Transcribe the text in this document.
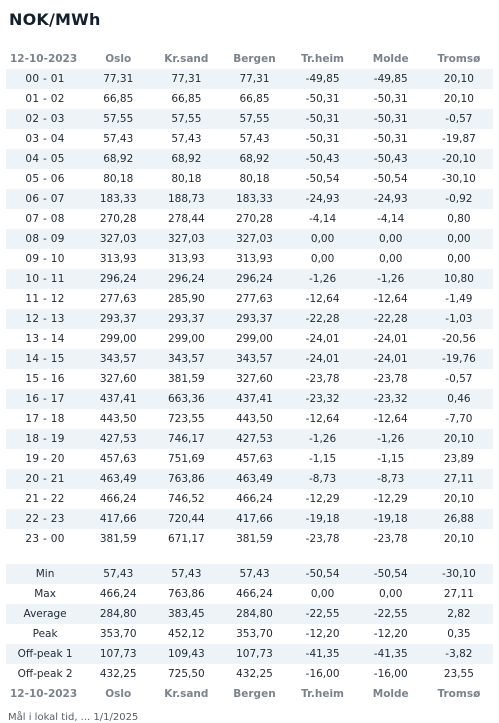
NOK/MWh
12-10-2023	Oslo	Kr.sand	Bergen	Tr.heim	Molde	Tromsø
00 - 01	77,31	77,31	77,31	-49,85	-49,85	20,10
01 - 02	66,85	66,85	66,85	-50,31	-50,31	20,10
02 - 03	57,55	57,55	57,55	-50,31	-50,31	-0,57
03 - 04	57,43	57,43	57,43	-50,31	-50,31	-19,87
04 - 05	68,92	68,92	68,92	-50,43	-50,43	-20,10
05 - 06	80,18	80,18	80,18	-50,54	-50,54	-30,10
06 - 07	183,33	188,73	183,33	-24,93	-24,93	-0,92
07 - 08	270,28	278,44	270,28	-4,14	-4,14	0,80
08 - 09	327,03	327,03	327,03	0,00	0,00	0,00
09 - 10	313,93	313,93	313,93	0,00	0,00	0,00
10 - 11	296,24	296,24	296,24	-1,26	-1,26	10,80
11 - 12	277,63	285,90	277,63	-12,64	-12,64	-1,49
12 - 13	293,37	293,37	293,37	-22,28	-22,28	-1,03
13 - 14	299,00	299,00	299,00	-24,01	-24,01	-20,56
14 - 15	343,57	343,57	343,57	-24,01	-24,01	-19,76
15 - 16	327,60	381,59	327,60	-23,78	-23,78	-0,57
16 - 17	437,41	663,36	437,41	-23,32	-23,32	0,46
17 - 18	443,50	723,55	443,50	-12,64	-12,64	-7,70
18 - 19	427,53	746,17	427,53	-1,26	-1,26	20,10
19 - 20	457,63	751,69	457,63	-1,15	-1,15	23,89
20 - 21	463,49	763,86	463,49	-8,73	-8,73	27,11
21 - 22	466,24	746,52	466,24	-12,29	-12,29	20,10
22 - 23	417,66	720,44	417,66	-19,18	-19,18	26,88
23 - 00	381,59	671,17	381,59	-23,78	-23,78	20,10

Min	57,43	57,43	57,43	-50,54	-50,54	-30,10
Max	466,24	763,86	466,24	0,00	0,00	27,11
Average	284,80	383,45	284,80	-22,55	-22,55	2,82
Peak	353,70	452,12	353,70	-12,20	-12,20	0,35
Off-peak 1	107,73	109,43	107,73	-41,35	-41,35	-3,82
Off-peak 2	432,25	725,50	432,25	-16,00	-16,00	23,55
12-10-2023	Oslo	Kr.sand	Bergen	Tr.heim	Molde	Tromsø
Mål i lokal tid, ... 1/1/2025
